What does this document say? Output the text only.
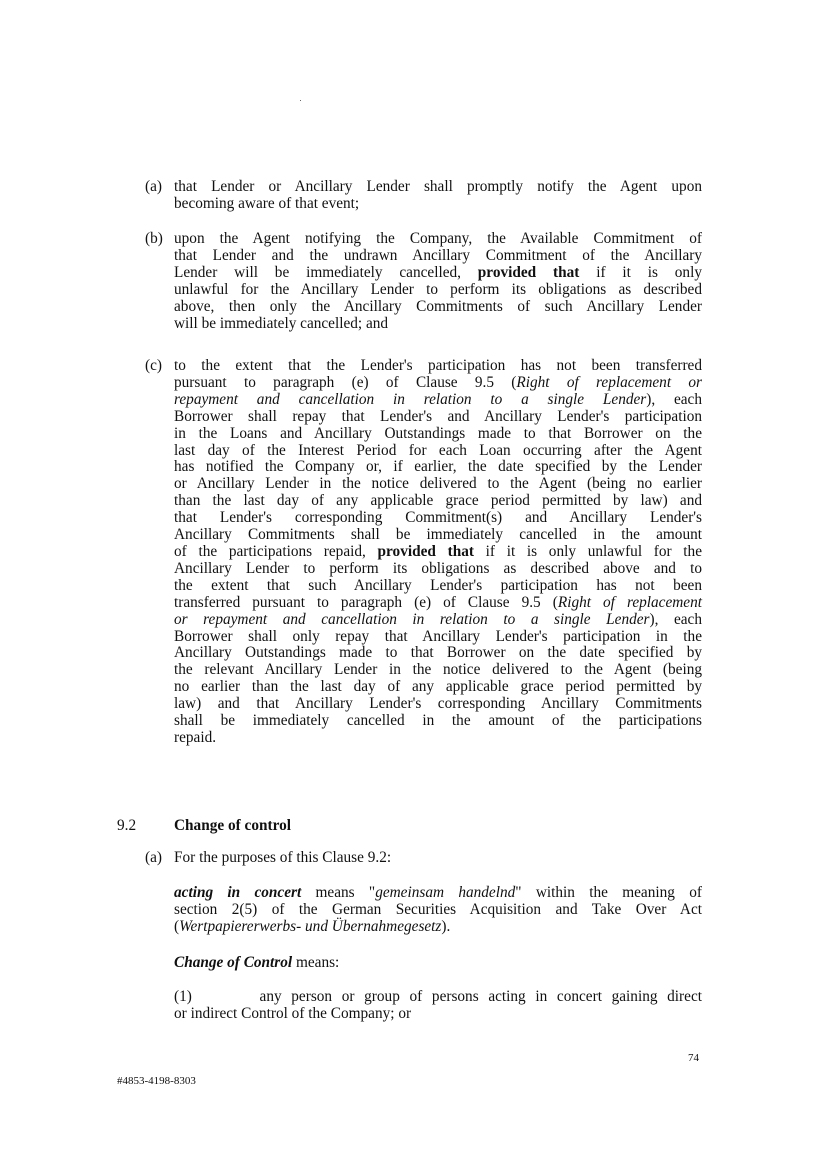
(a) that Lender or Ancillary Lender shall promptly notify the Agent upon
becoming aware of that event;
(b) upon the Agent notifying the Company, the Available Commitment of
that Lender and the undrawn Ancillary Commitment of the Ancillary
Lender will be immediately cancelled, provided that if it is only
unlawful for the Ancillary Lender to perform its obligations as described
above, then only the Ancillary Commitments of such Ancillary Lender
will be immediately cancelled; and
(c) to the extent that the Lender's participation has not been transferred
pursuant to paragraph (e) of Clause 9.5 (Right of replacement or
repayment and cancellation in relation to a single Lender), each
Borrower shall repay that Lender's and Ancillary Lender's participation
in the Loans and Ancillary Outstandings made to that Borrower on the
last day of the Interest Period for each Loan occurring after the Agent
has notified the Company or, if earlier, the date specified by the Lender
or Ancillary Lender in the notice delivered to the Agent (being no earlier
than the last day of any applicable grace period permitted by law) and
that Lender's corresponding Commitment(s) and Ancillary Lender's
Ancillary Commitments shall be immediately cancelled in the amount
of the participations repaid, provided that if it is only unlawful for the
Ancillary Lender to perform its obligations as described above and to
the extent that such Ancillary Lender's participation has not been
transferred pursuant to paragraph (e) of Clause 9.5 (Right of replacement
or repayment and cancellation in relation to a single Lender), each
Borrower shall only repay that Ancillary Lender's participation in the
Ancillary Outstandings made to that Borrower on the date specified by
the relevant Ancillary Lender in the notice delivered to the Agent (being
no earlier than the last day of any applicable grace period permitted by
law) and that Ancillary Lender's corresponding Ancillary Commitments
shall be immediately cancelled in the amount of the participations
repaid.
9.2 Change of control
(a) For the purposes of this Clause 9.2:
acting in concert means "gemeinsam handelnd" within the meaning of
section 2(5) of the German Securities Acquisition and Take Over Act
(Wertpapiererwerbs- und Übernahmegesetz).
Change of Control means:
(1)	any person or group of persons acting in concert gaining direct
or indirect Control of the Company; or
74
#4853-4198-8303
